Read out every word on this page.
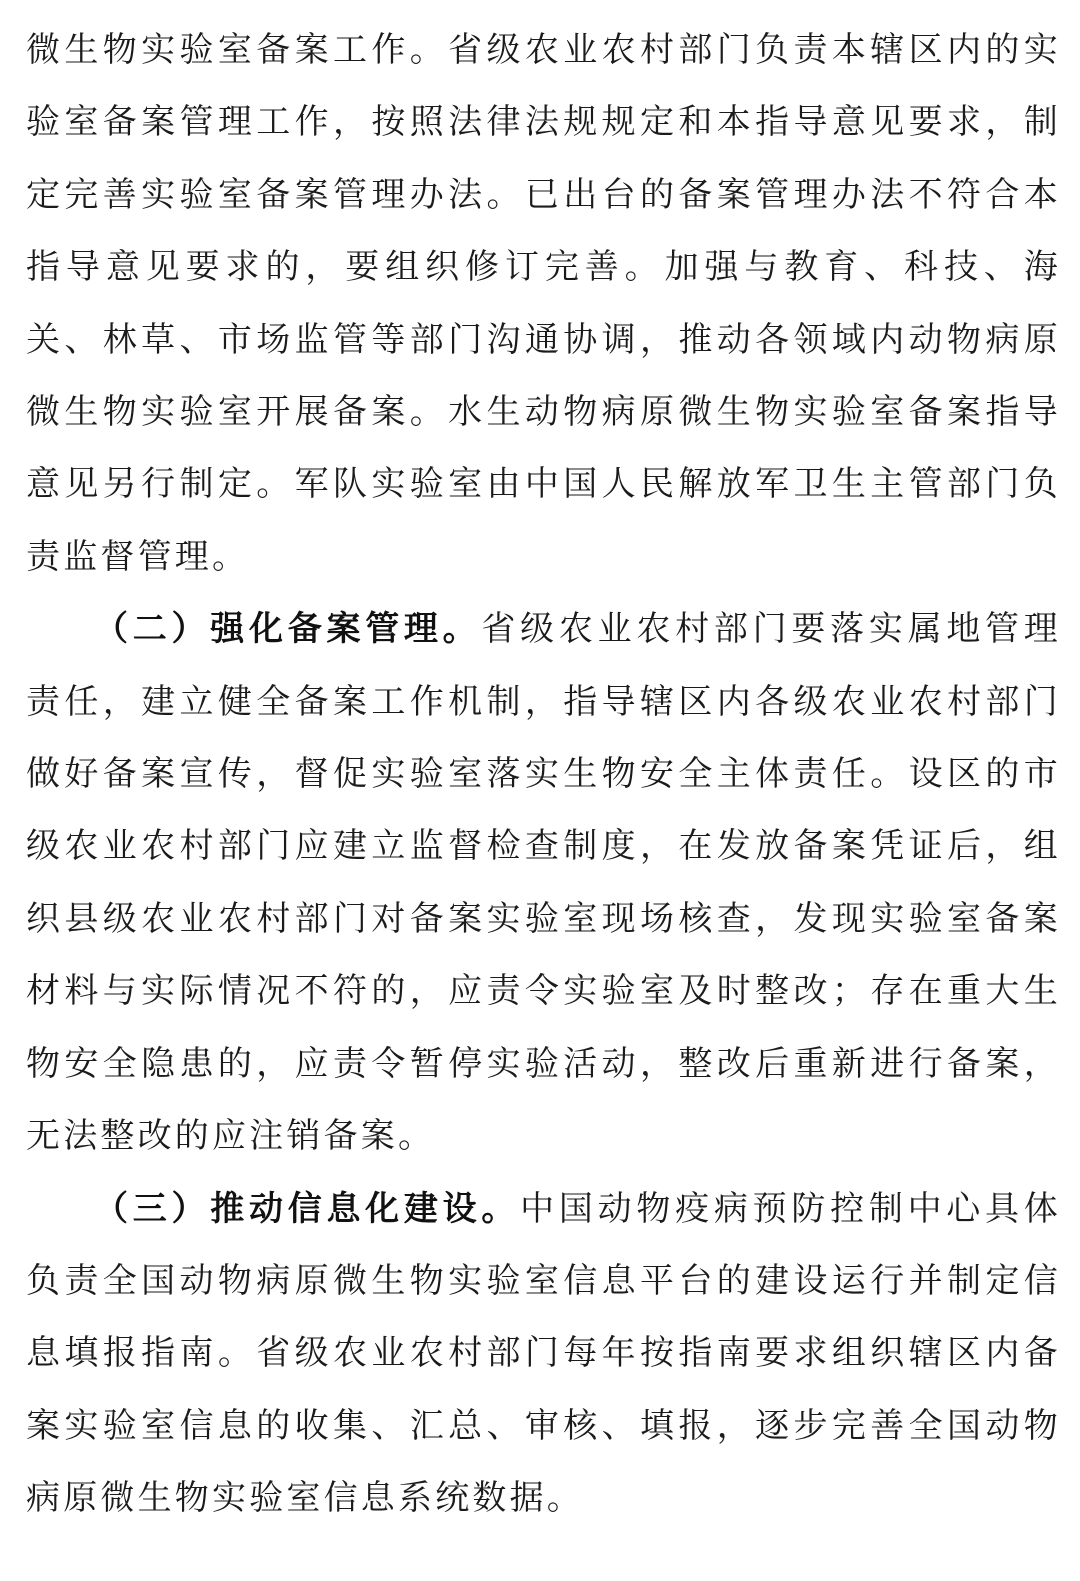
微生物实验室备案工作。省级农业农村部门负责本辖区内的实验室备案管理工作，按照法律法规规定和本指导意见要求，制定完善实验室备案管理办法。已出台的备案管理办法不符合本指导意见要求的，要组织修订完善。加强与教育、科技、海关、林草、市场监管等部门沟通协调，推动各领域内动物病原微生物实验室开展备案。水生动物病原微生物实验室备案指导意见另行制定。军队实验室由中国人民解放军卫生主管部门负责监督管理。

（二）强化备案管理。省级农业农村部门要落实属地管理责任，建立健全备案工作机制，指导辖区内各级农业农村部门做好备案宣传，督促实验室落实生物安全主体责任。设区的市级农业农村部门应建立监督检查制度，在发放备案凭证后，组织县级农业农村部门对备案实验室现场核查，发现实验室备案材料与实际情况不符的，应责令实验室及时整改；存在重大生物安全隐患的，应责令暂停实验活动，整改后重新进行备案，无法整改的应注销备案。

（三）推动信息化建设。中国动物疫病预防控制中心具体负责全国动物病原微生物实验室信息平台的建设运行并制定信息填报指南。省级农业农村部门每年按指南要求组织辖区内备案实验室信息的收集、汇总、审核、填报，逐步完善全国动物病原微生物实验室信息系统数据。
